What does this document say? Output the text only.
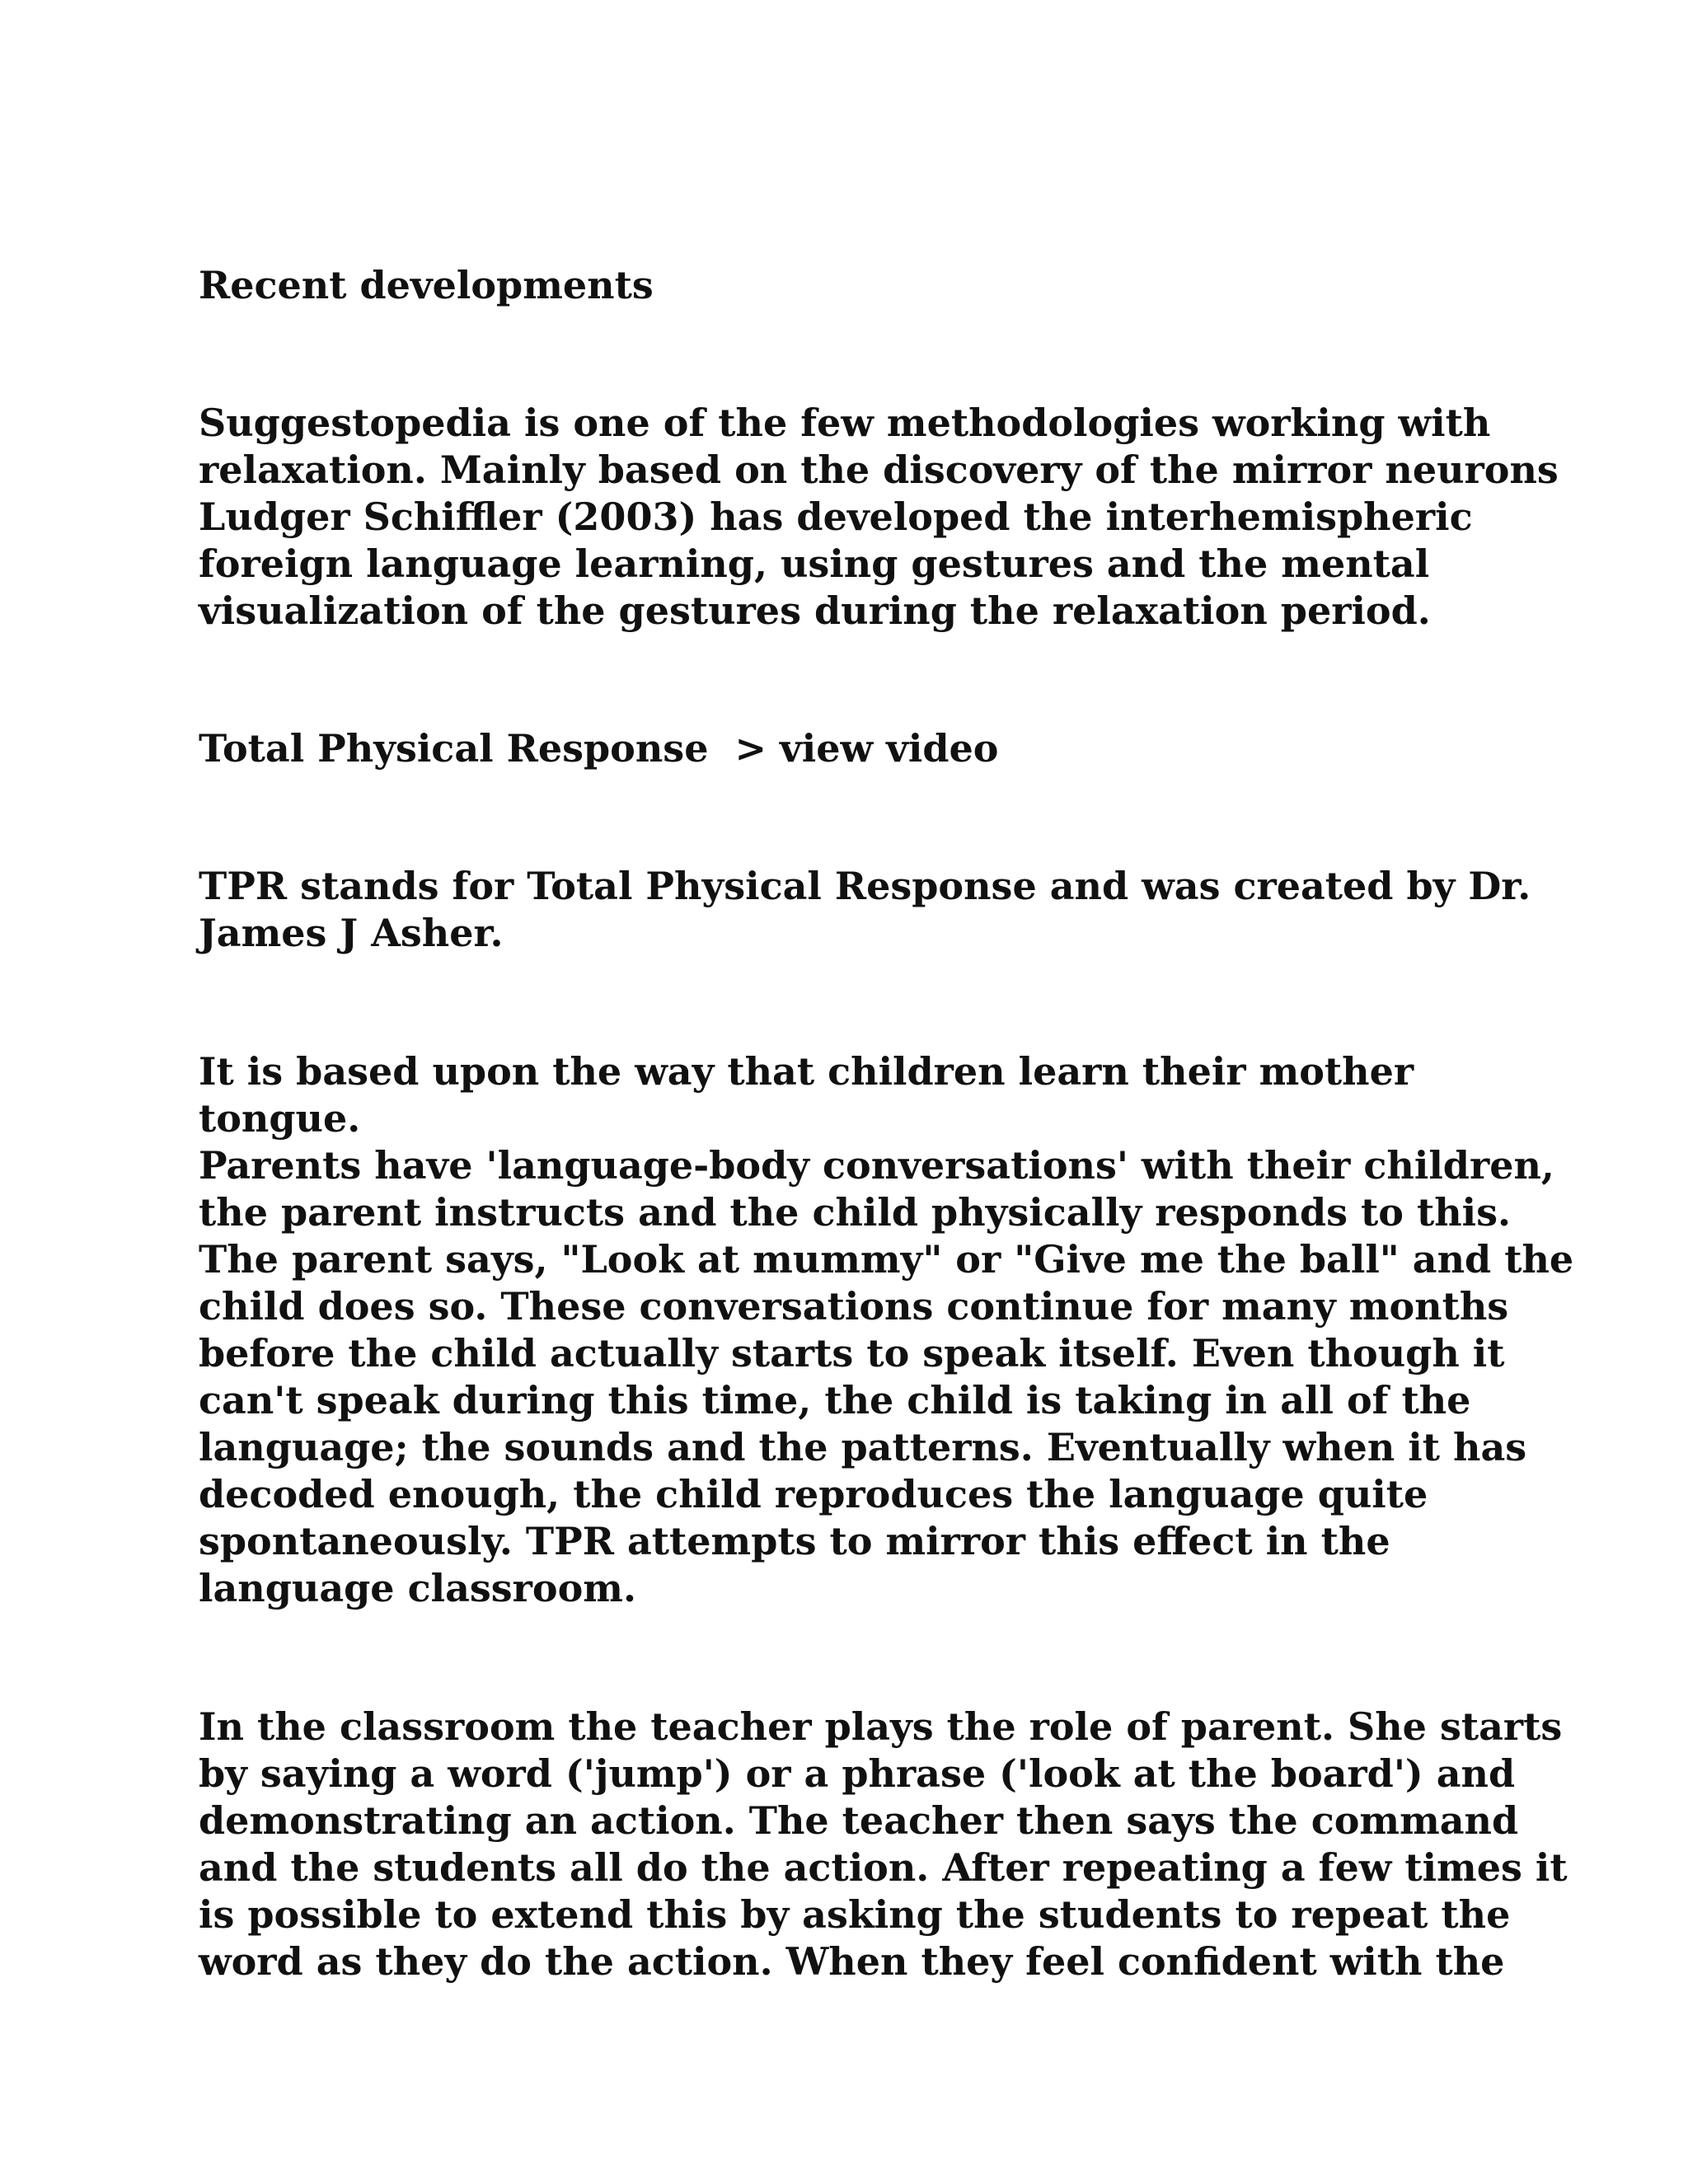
Recent developments

Suggestopedia is one of the few methodologies working with
relaxation. Mainly based on the discovery of the mirror neurons
Ludger Schiffler (2003) has developed the interhemispheric
foreign language learning, using gestures and the mental
visualization of the gestures during the relaxation period.

Total Physical Response > view video

TPR stands for Total Physical Response and was created by Dr.
James J Asher.

It is based upon the way that children learn their mother tongue.
Parents have 'language-body conversations' with their children,
the parent instructs and the child physically responds to this.
The parent says, "Look at mummy" or "Give me the ball" and the
child does so. These conversations continue for many months
before the child actually starts to speak itself. Even though it
can't speak during this time, the child is taking in all of the
language; the sounds and the patterns. Eventually when it has
decoded enough, the child reproduces the language quite
spontaneously. TPR attempts to mirror this effect in the
language classroom.

In the classroom the teacher plays the role of parent. She starts
by saying a word ('jump') or a phrase ('look at the board') and
demonstrating an action. The teacher then says the command
and the students all do the action. After repeating a few times it
is possible to extend this by asking the students to repeat the
word as they do the action. When they feel confident with the
